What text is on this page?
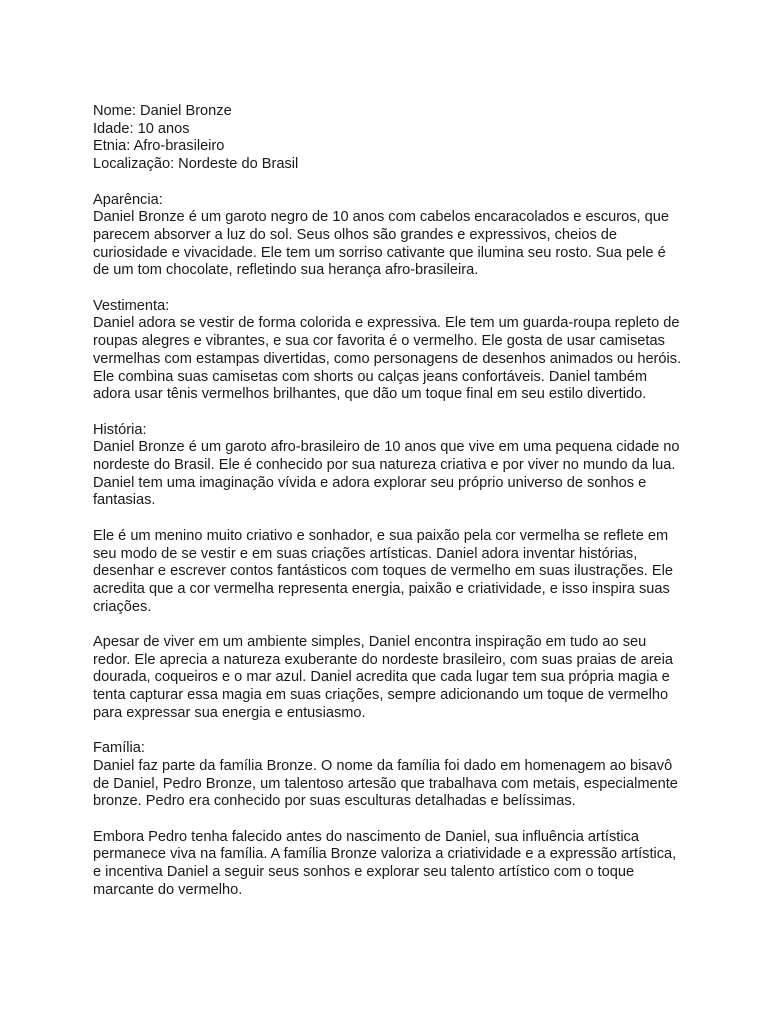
Nome: Daniel Bronze

Idade: 10 anos

Etnia: Afro-brasileiro

Localização: Nordeste do Brasil

Aparência:

Daniel Bronze é um garoto negro de 10 anos com cabelos encaracolados e escuros, que parecem absorver a luz do sol. Seus olhos são grandes e expressivos, cheios de curiosidade e vivacidade. Ele tem um sorriso cativante que ilumina seu rosto. Sua pele é de um tom chocolate, refletindo sua herança afro-brasileira.

Vestimenta:

Daniel adora se vestir de forma colorida e expressiva. Ele tem um guarda-roupa repleto de roupas alegres e vibrantes, e sua cor favorita é o vermelho. Ele gosta de usar camisetas vermelhas com estampas divertidas, como personagens de desenhos animados ou heróis. Ele combina suas camisetas com shorts ou calças jeans confortáveis. Daniel também adora usar tênis vermelhos brilhantes, que dão um toque final em seu estilo divertido.

História:

Daniel Bronze é um garoto afro-brasileiro de 10 anos que vive em uma pequena cidade no nordeste do Brasil. Ele é conhecido por sua natureza criativa e por viver no mundo da lua. Daniel tem uma imaginação vívida e adora explorar seu próprio universo de sonhos e fantasias.

Ele é um menino muito criativo e sonhador, e sua paixão pela cor vermelha se reflete em seu modo de se vestir e em suas criações artísticas. Daniel adora inventar histórias, desenhar e escrever contos fantásticos com toques de vermelho em suas ilustrações. Ele acredita que a cor vermelha representa energia, paixão e criatividade, e isso inspira suas criações.

Apesar de viver em um ambiente simples, Daniel encontra inspiração em tudo ao seu redor. Ele aprecia a natureza exuberante do nordeste brasileiro, com suas praias de areia dourada, coqueiros e o mar azul. Daniel acredita que cada lugar tem sua própria magia e tenta capturar essa magia em suas criações, sempre adicionando um toque de vermelho para expressar sua energia e entusiasmo.

Família:

Daniel faz parte da família Bronze. O nome da família foi dado em homenagem ao bisavô de Daniel, Pedro Bronze, um talentoso artesão que trabalhava com metais, especialmente bronze. Pedro era conhecido por suas esculturas detalhadas e belíssimas.

Embora Pedro tenha falecido antes do nascimento de Daniel, sua influência artística permanece viva na família. A família Bronze valoriza a criatividade e a expressão artística, e incentiva Daniel a seguir seus sonhos e explorar seu talento artístico com o toque marcante do vermelho.
